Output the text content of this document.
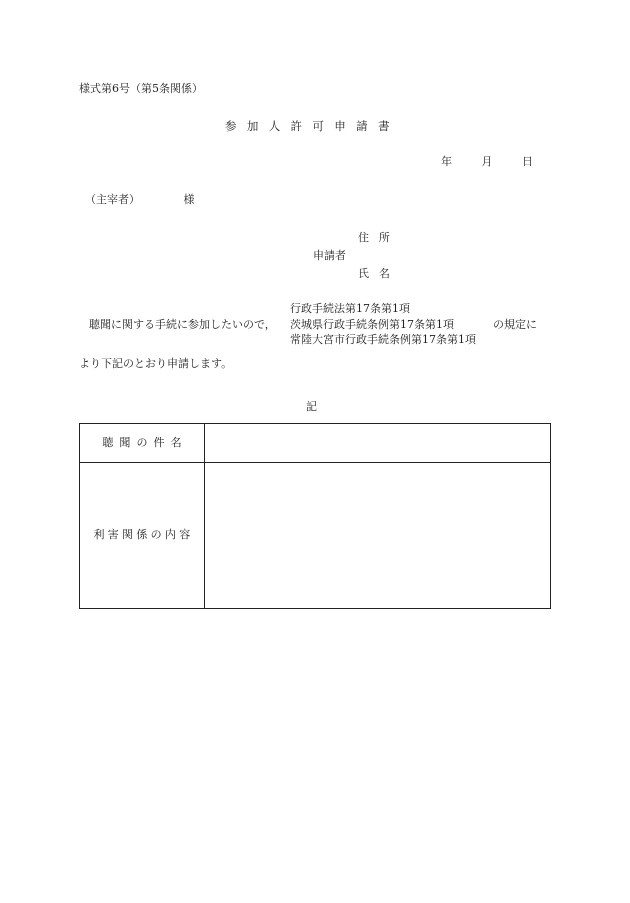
様式第6号（第5条関係）
参加人許可申請書
年	月	日
（主宰者）	様
住所
申請者
氏名
行政手続法第17条第1項
聴聞に関する手続に参加したいので， 茨城県行政手続条例第17条第1項	の規定に
常陸大宮市行政手続条例第17条第1項
より下記のとおり申請します。
記
聴聞の件名
利害関係の内容
